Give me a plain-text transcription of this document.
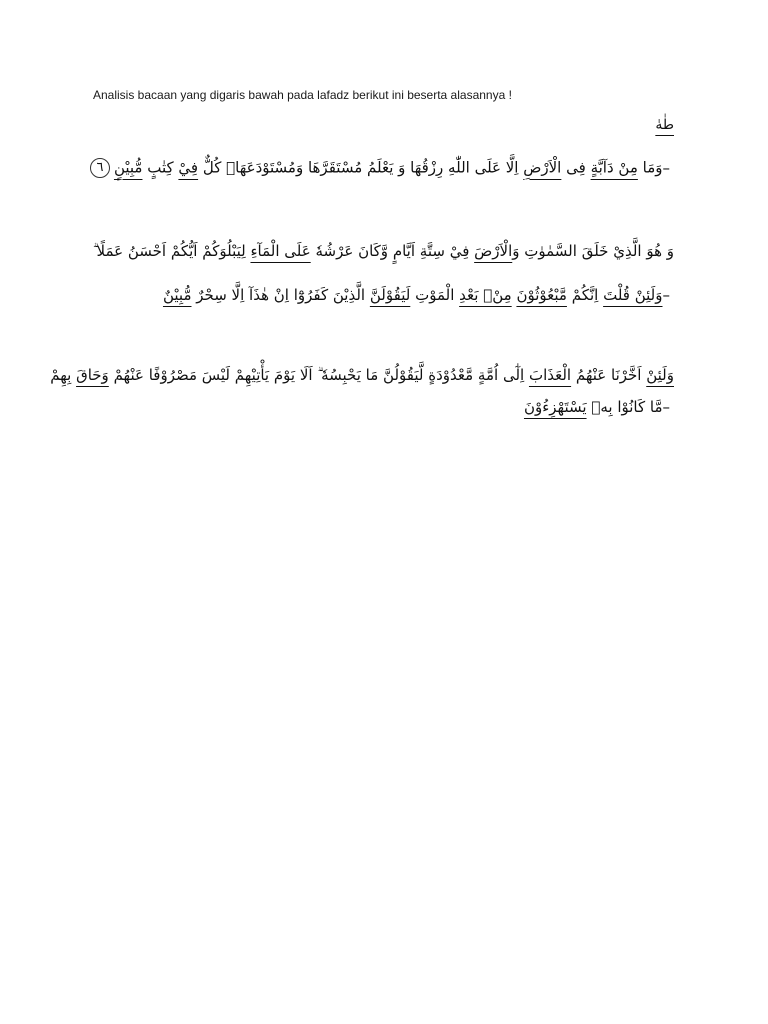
Analisis bacaan yang digaris bawah pada lafadz berikut ini beserta alasannya !
طٰهٰ
–وَمَا مِنْ دَآبَّةٍ فِى الْاَرْضِ اِلَّا عَلَى اللّٰهِ رِزْقُهَا وَ يَعْلَمُ مُسْتَقَرَّهَا وَمُسْتَوْدَعَهَاۗ كُلٌّ فِيْ كِتٰبٍ مُّبِيْنٍ٦
وَ هُوَ الَّذِيْ خَلَقَ السَّمٰوٰتِ وَالْاَرْضَ فِيْ سِتَّةِ اَيَّامٍ وَّكَانَ عَرْشُهٗ عَلَى الْمَآءِ لِيَبْلُوَكُمْ اَيُّكُمْ اَحْسَنُ عَمَلًا ۗ
–وَلَئِنْ قُلْتَ اِنَّكُمْ مَّبْعُوْثُوْنَ مِنْۢ بَعْدِ الْمَوْتِ لَيَقُوْلَنَّ الَّذِيْنَ كَفَرُوْٓا اِنْ هٰذَآ اِلَّا سِحْرٌ مُّبِيْنٌ
وَلَئِنْ اَخَّرْنَا عَنْهُمُ الْعَذَابَ اِلٰٓى اُمَّةٍ مَّعْدُوْدَةٍ لَّيَقُوْلُنَّ مَا يَحْبِسُهٗ ۗ اَلَا يَوْمَ يَأْتِيْهِمْ لَيْسَ مَصْرُوْفًا عَنْهُمْ وَحَاقَ بِهِمْ
–مَّا كَانُوْا بِهٖ يَسْتَهْزِءُوْنَ
